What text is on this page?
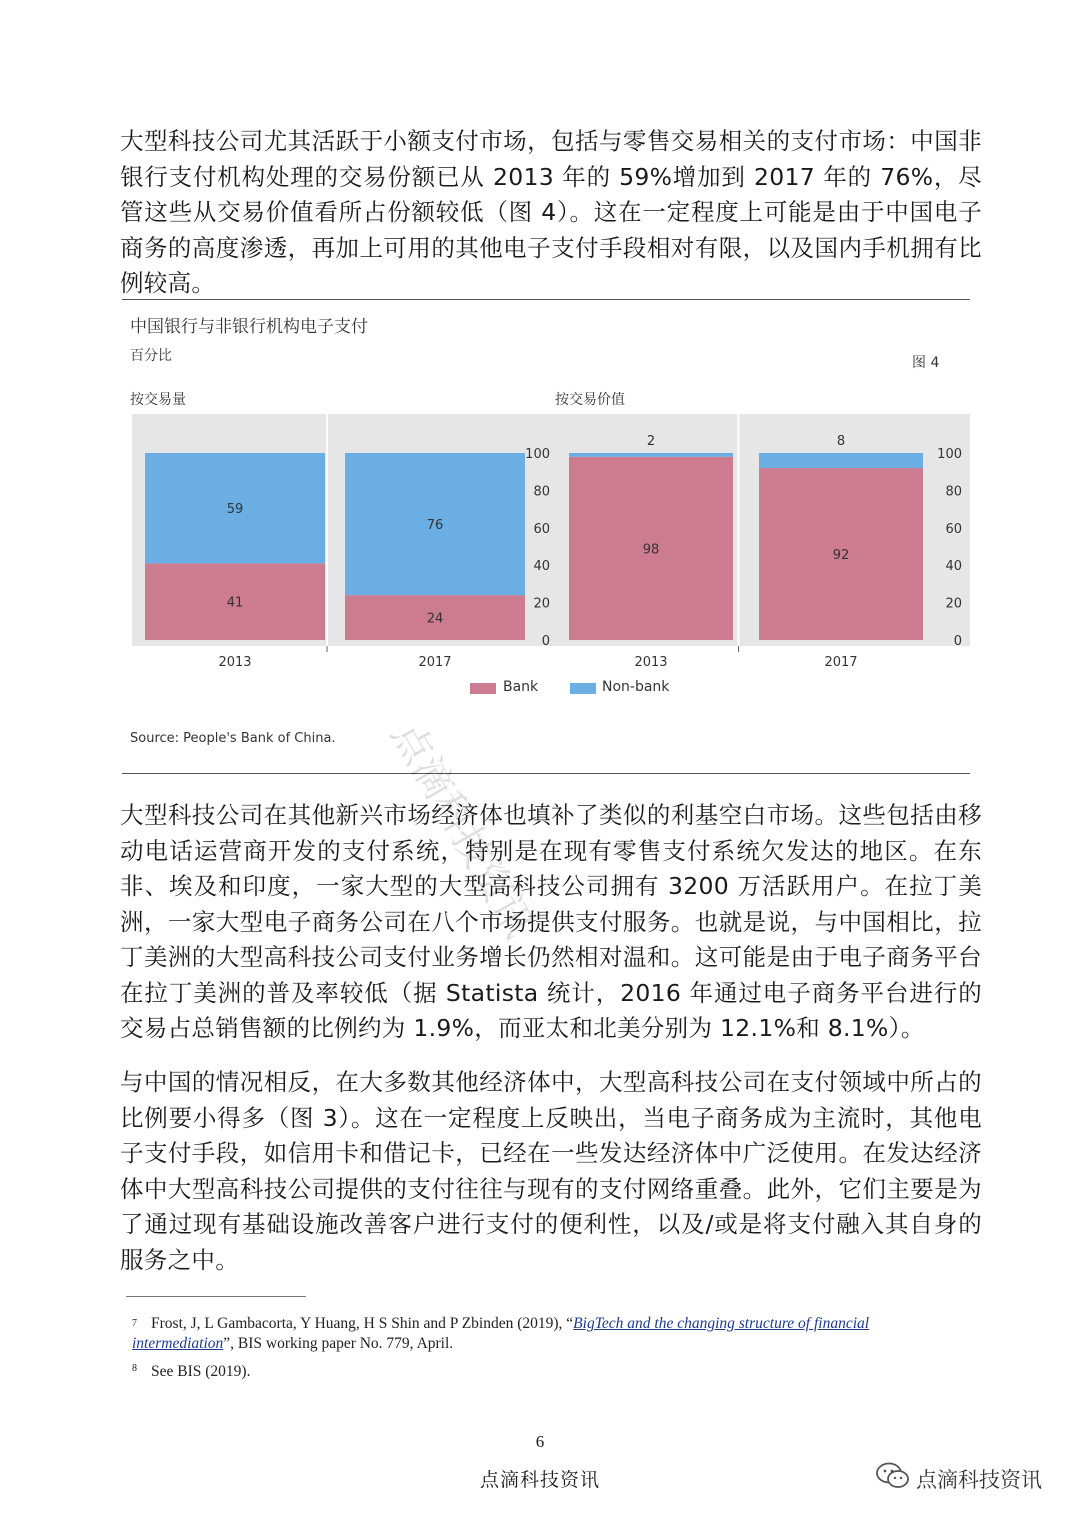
大型科技公司尤其活跃于小额支付市场，包括与零售交易相关的支付市场：中国非银行支付机构处理的交易份额已从 2013 年的 59%增加到 2017 年的 76%，尽管这些从交易价值看所占份额较低（图 4）。这在一定程度上可能是由于中国电子商务的高度渗透，再加上可用的其他电子支付手段相对有限，以及国内手机拥有比例较高。

中国银行与非银行机构电子支付
百分比	图 4
按交易量	按交易价值
0
20
40
60
80
100
41
59
2013
24
76
2017
0
20
40
60
80
100
98
2
2013
92
8
2017
Bank	Non-bank
Source: People's Bank of China. 点滴科技资讯

大型科技公司在其他新兴市场经济体也填补了类似的利基空白市场。这些包括由移动电话运营商开发的支付系统，特别是在现有零售支付系统欠发达的地区。在东非、埃及和印度，一家大型的大型高科技公司拥有 3200 万活跃用户。在拉丁美洲，一家大型电子商务公司在八个市场提供支付服务。也就是说，与中国相比，拉丁美洲的大型高科技公司支付业务增长仍然相对温和。这可能是由于电子商务平台在拉丁美洲的普及率较低（据 Statista 统计，2016 年通过电子商务平台进行的交易占总销售额的比例约为 1.9%，而亚太和北美分别为 12.1%和 8.1%）。

与中国的情况相反，在大多数其他经济体中，大型高科技公司在支付领域中所占的比例要小得多（图 3）。这在一定程度上反映出，当电子商务成为主流时，其他电子支付手段，如信用卡和借记卡，已经在一些发达经济体中广泛使用。在发达经济体中大型高科技公司提供的支付往往与现有的支付网络重叠。此外，它们主要是为了通过现有基础设施改善客户进行支付的便利性，以及/或是将支付融入其自身的服务之中。

$^7$ Frost, J, L Gambacorta, Y Huang, H S Shin and P Zbinden (2019), “BigTech and the changing structure of financial intermediation”, BIS working paper No. 779, April.
$^8$ See BIS (2019).
6
点滴科技资讯	点滴科技资讯
